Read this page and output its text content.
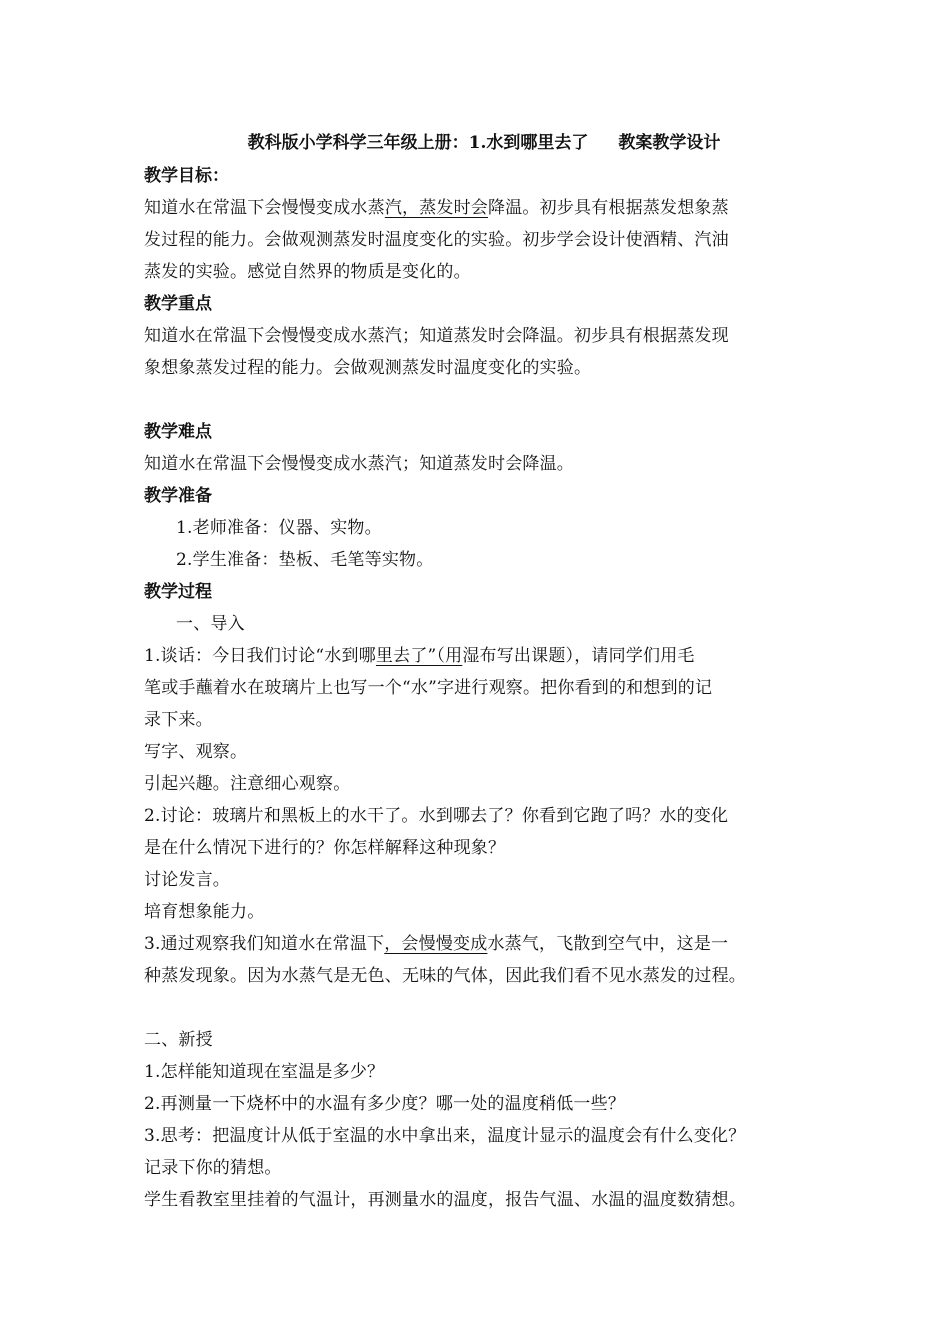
教科版小学科学三年级上册：1.水到哪里去了 教案教学设计
教学目标：
知道水在常温下会慢慢变成水蒸汽，蒸发时会降温。初步具有根据蒸发想象蒸
发过程的能力。会做观测蒸发时温度变化的实验。初步学会设计使酒精、汽油
蒸发的实验。感觉自然界的物质是变化的。
教学重点
知道水在常温下会慢慢变成水蒸汽；知道蒸发时会降温。初步具有根据蒸发现
象想象蒸发过程的能力。会做观测蒸发时温度变化的实验。
教学难点
知道水在常温下会慢慢变成水蒸汽；知道蒸发时会降温。
教学准备
1.老师准备：仪器、实物。
2.学生准备：垫板、毛笔等实物。
教学过程
一、导入
1.谈话：今日我们讨论“水到哪里去了”（用湿布写出课题），请同学们用毛
笔或手蘸着水在玻璃片上也写一个“水”字进行观察。把你看到的和想到的记
录下来。
写字、观察。
引起兴趣。注意细心观察。
2.讨论：玻璃片和黑板上的水干了。水到哪去了？你看到它跑了吗？水的变化
是在什么情况下进行的？你怎样解释这种现象？
讨论发言。
培育想象能力。
3.通过观察我们知道水在常温下，会慢慢变成水蒸气，飞散到空气中，这是一
种蒸发现象。因为水蒸气是无色、无味的气体，因此我们看不见水蒸发的过程。
二、新授
1.怎样能知道现在室温是多少？
2.再测量一下烧杯中的水温有多少度？哪一处的温度稍低一些？
3.思考：把温度计从低于室温的水中拿出来，温度计显示的温度会有什么变化？
记录下你的猜想。
学生看教室里挂着的气温计，再测量水的温度，报告气温、水温的温度数猜想。
